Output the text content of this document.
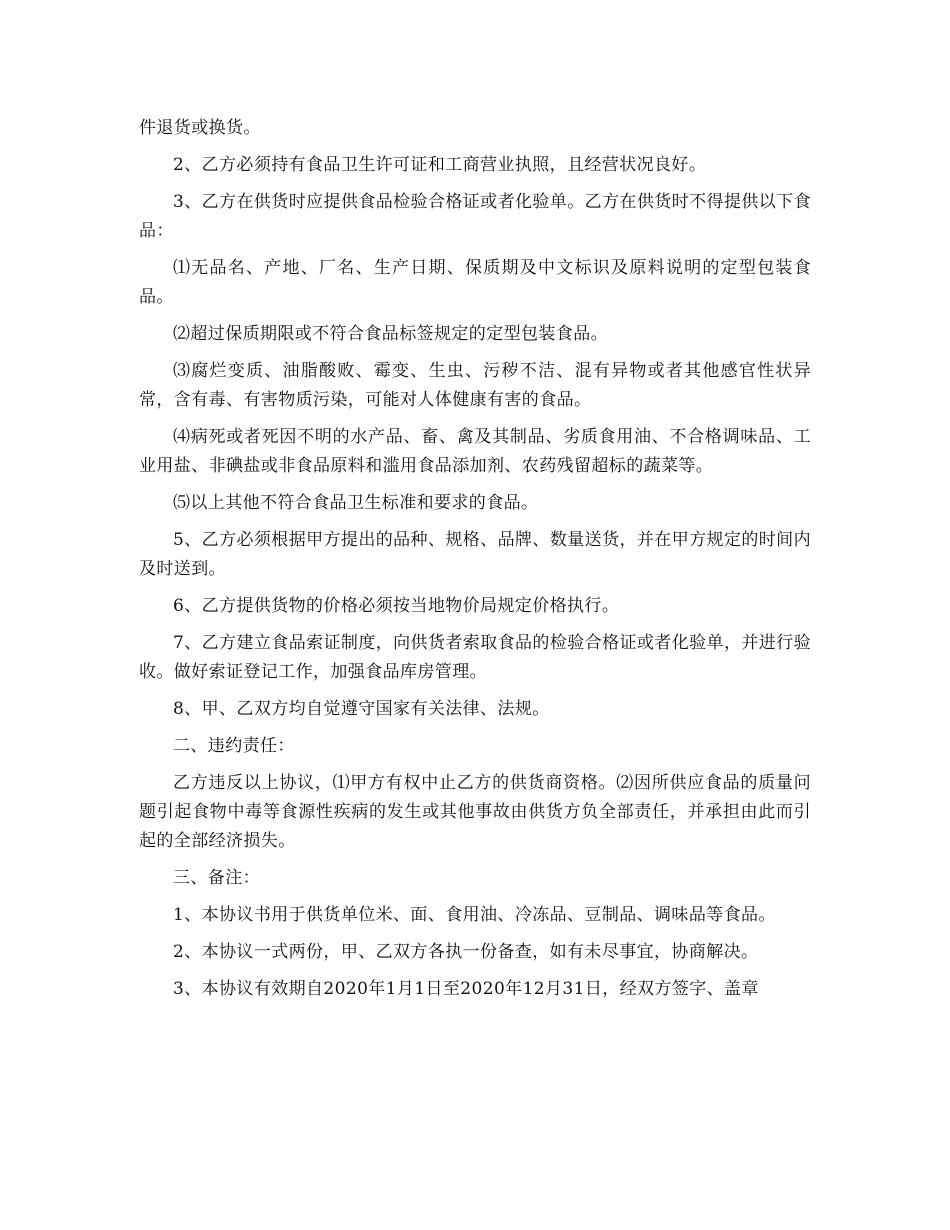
件退货或换货。

2、乙方必须持有食品卫生许可证和工商营业执照，且经营状况良好。

3、乙方在供货时应提供食品检验合格证或者化验单。乙方在供货时不得提供以下食品：

⑴无品名、产地、厂名、生产日期、保质期及中文标识及原料说明的定型包装食品。

⑵超过保质期限或不符合食品标签规定的定型包装食品。

⑶腐烂变质、油脂酸败、霉变、生虫、污秽不洁、混有异物或者其他感官性状异常，含有毒、有害物质污染，可能对人体健康有害的食品。

⑷病死或者死因不明的水产品、畜、禽及其制品、劣质食用油、不合格调味品、工业用盐、非碘盐或非食品原料和滥用食品添加剂、农药残留超标的蔬菜等。

⑸以上其他不符合食品卫生标准和要求的食品。

5、乙方必须根据甲方提出的品种、规格、品牌、数量送货，并在甲方规定的时间内及时送到。

6、乙方提供货物的价格必须按当地物价局规定价格执行。

7、乙方建立食品索证制度，向供货者索取食品的检验合格证或者化验单，并进行验收。做好索证登记工作，加强食品库房管理。

8、甲、乙双方均自觉遵守国家有关法律、法规。

二、违约责任：

乙方违反以上协议，⑴甲方有权中止乙方的供货商资格。⑵因所供应食品的质量问题引起食物中毒等食源性疾病的发生或其他事故由供货方负全部责任，并承担由此而引起的全部经济损失。

三、备注：

1、本协议书用于供货单位米、面、食用油、冷冻品、豆制品、调味品等食品。

2、本协议一式两份，甲、乙双方各执一份备查，如有未尽事宜，协商解决。

3、本协议有效期自2020年1月1日至2020年12月31日，经双方签字、盖章
